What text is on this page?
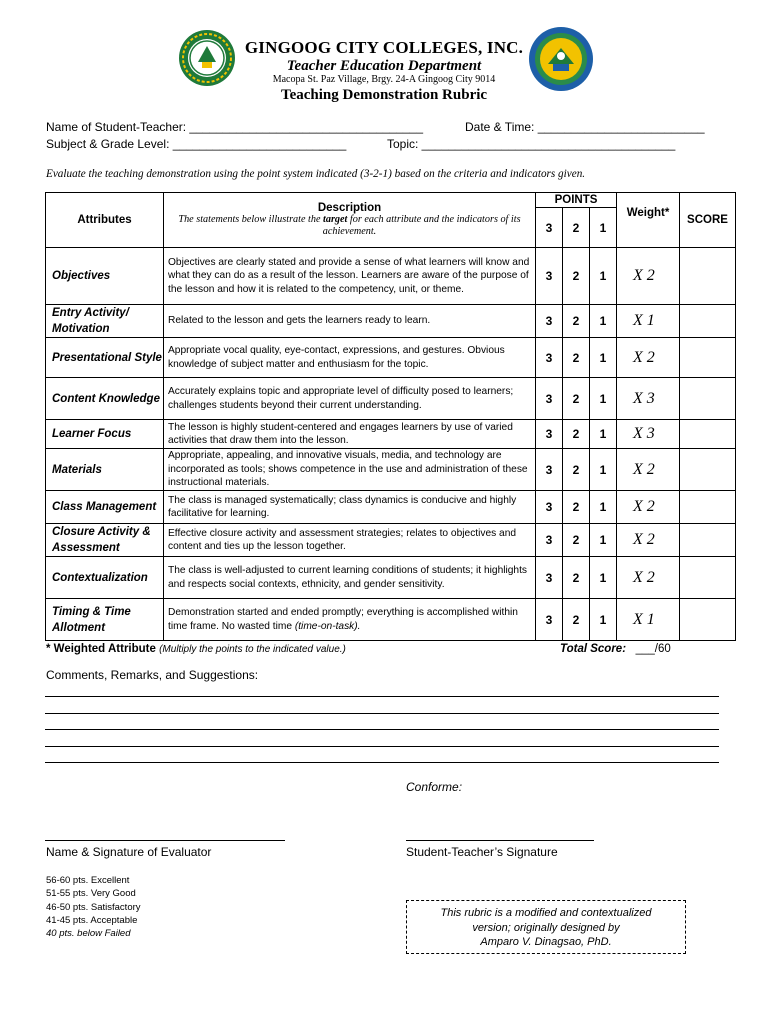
GINGOOG CITY COLLEGES, INC.
Teacher Education Department
Macopa St. Paz Village, Brgy. 24-A Gingoog City 9014
Teaching Demonstration Rubric
Name of Student-Teacher: ___________________________________	Date & Time: _________________________
Subject & Grade Level: __________________________	Topic: ______________________________________
Evaluate the teaching demonstration using the point system indicated (3-2-1) based on the criteria and indicators given.
Attributes	Description
The statements below illustrate the target for each attribute and the indicators of its achievement.	POINTS			Weight*	SCORE
		3	2	1		
Objectives	Objectives are clearly stated and provide a sense of what learners will know and what they can do as a result of the lesson. Learners are aware of the purpose of the lesson and how it is related to the competency, unit, or theme.	3	2	1	X 2	
Entry Activity/ Motivation	Related to the lesson and gets the learners ready to learn.	3	2	1	X 1	
Presentational Style	Appropriate vocal quality, eye-contact, expressions, and gestures. Obvious knowledge of subject matter and enthusiasm for the topic.	3	2	1	X 2	
Content Knowledge	Accurately explains topic and appropriate level of difficulty posed to learners; challenges students beyond their current understanding.	3	2	1	X 3	
Learner Focus	The lesson is highly student-centered and engages learners by use of varied activities that draw them into the lesson.	3	2	1	X 3	
Materials	Appropriate, appealing, and innovative visuals, media, and technology are incorporated as tools; shows competence in the use and administration of these instructional materials.	3	2	1	X 2	
Class Management	The class is managed systematically; class dynamics is conducive and highly facilitative for learning.	3	2	1	X 2	
Closure Activity & Assessment	Effective closure activity and assessment strategies; relates to objectives and content and ties up the lesson together.	3	2	1	X 2	
Contextualization	The class is well-adjusted to current learning conditions of students; it highlights and respects social contexts, ethnicity, and gender sensitivity.	3	2	1	X 2	
Timing & Time Allotment	Demonstration started and ended promptly; everything is accomplished within time frame. No wasted time (time-on-task).	3	2	1	X 1	
* Weighted Attribute (Multiply the points to the indicated value.)	Total Score: ___/60
Comments, Remarks, and Suggestions:
Conforme:
Name & Signature of Evaluator	Student-Teacher’s Signature
56-60 pts. Excellent
51-55 pts. Very Good
46-50 pts. Satisfactory
41-45 pts. Acceptable
40 pts. below Failed
This rubric is a modified and contextualized
version; originally designed by
Amparo V. Dinagsao, PhD.
